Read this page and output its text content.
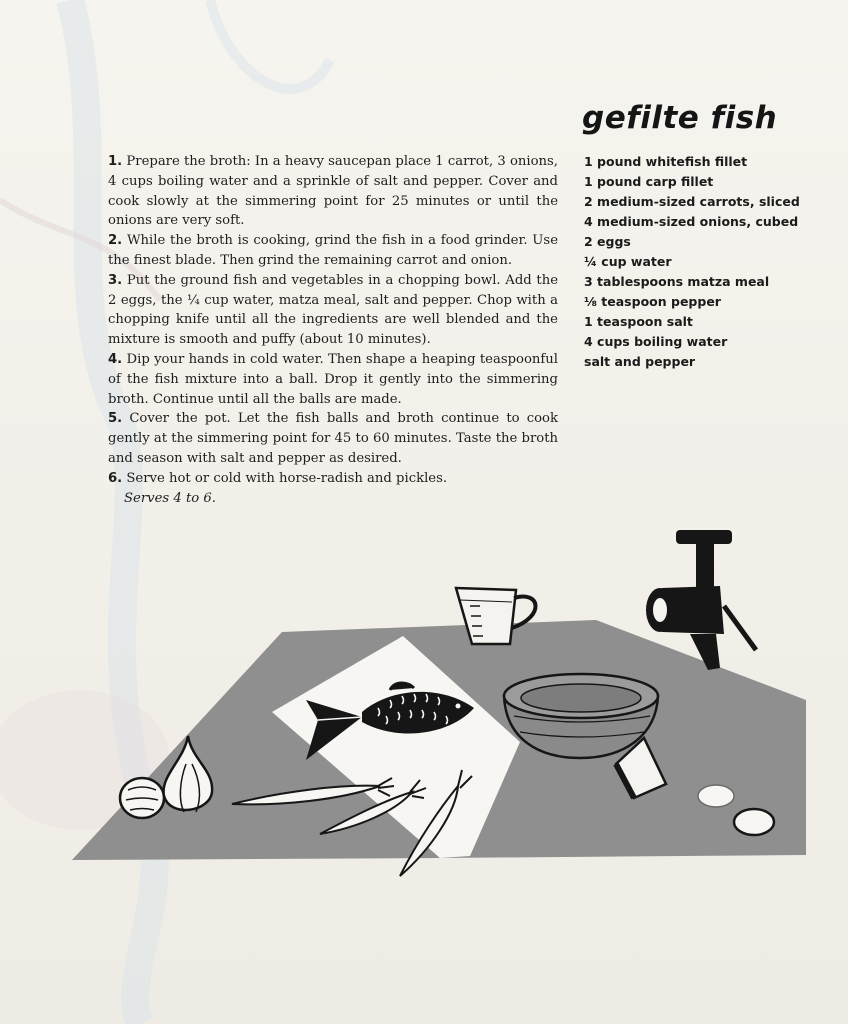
gefilte fish
1 pound whitefish fillet
1 pound carp fillet
2 medium-sized carrots, sliced
4 medium-sized onions, cubed
2 eggs
¼ cup water
3 tablespoons matza meal
⅛ teaspoon pepper
1 teaspoon salt
4 cups boiling water
salt and pepper

1. Prepare the broth: In a heavy saucepan place 1 carrot, 3 onions, 4 cups boiling water and a sprinkle of salt and pepper. Cover and cook slowly at the simmering point for 25 minutes or until the onions are very soft.

2. While the broth is cooking, grind the fish in a food grinder. Use the finest blade. Then grind the remaining carrot and onion.

3. Put the ground fish and vegetables in a chopping bowl. Add the 2 eggs, the ¼ cup water, matza meal, salt and pepper. Chop with a chopping knife until all the ingredients are well blended and the mixture is smooth and puffy (about 10 minutes).

4. Dip your hands in cold water. Then shape a heaping teaspoonful of the fish mixture into a ball. Drop it gently into the simmering broth. Continue until all the balls are made.

5. Cover the pot. Let the fish balls and broth continue to cook gently at the simmering point for 45 to 60 minutes. Taste the broth and season with salt and pepper as desired.

6. Serve hot or cold with horse-radish and pickles.

Serves 4 to 6.
